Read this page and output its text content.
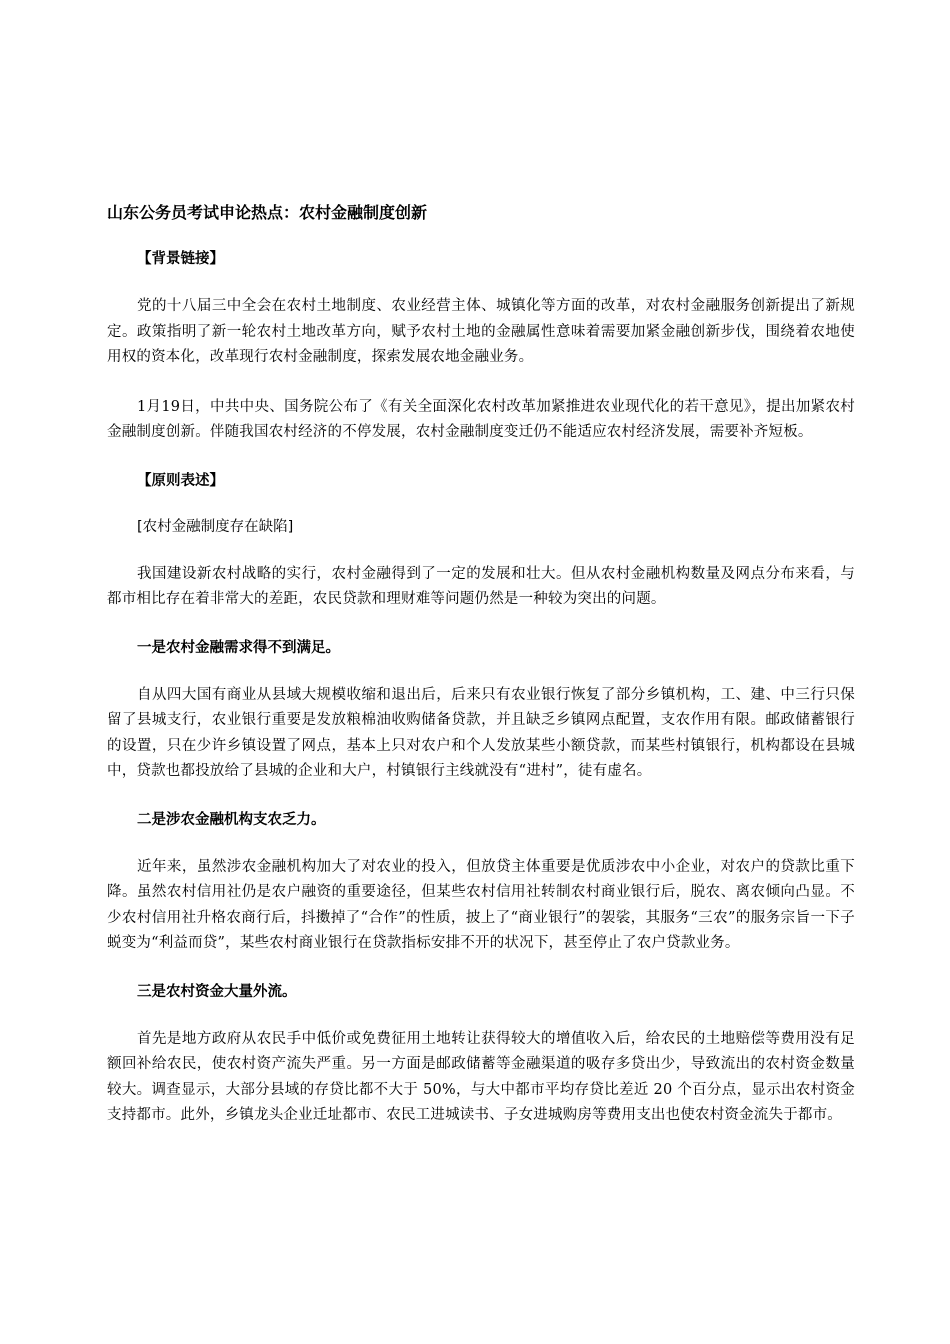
山东公务员考试申论热点：农村金融制度创新
【背景链接】

党的十八届三中全会在农村土地制度、农业经营主体、城镇化等方面的改革，对农村金融服务创新提出了新规定。政策指明了新一轮农村土地改革方向，赋予农村土地的金融属性意味着需要加紧金融创新步伐，围绕着农地使用权的资本化，改革现行农村金融制度，探索发展农地金融业务。

1月19日，中共中央、国务院公布了《有关全面深化农村改革加紧推进农业现代化的若干意见》，提出加紧农村金融制度创新。伴随我国农村经济的不停发展，农村金融制度变迁仍不能适应农村经济发展，需要补齐短板。

【原则表述】
[农村金融制度存在缺陷]

我国建设新农村战略的实行，农村金融得到了一定的发展和壮大。但从农村金融机构数量及网点分布来看，与都市相比存在着非常大的差距，农民贷款和理财难等问题仍然是一种较为突出的问题。

一是农村金融需求得不到满足。

自从四大国有商业从县域大规模收缩和退出后，后来只有农业银行恢复了部分乡镇机构，工、建、中三行只保留了县城支行，农业银行重要是发放粮棉油收购储备贷款，并且缺乏乡镇网点配置，支农作用有限。邮政储蓄银行的设置，只在少许乡镇设置了网点，基本上只对农户和个人发放某些小额贷款，而某些村镇银行，机构都设在县城中，贷款也都投放给了县城的企业和大户，村镇银行主线就没有“进村”，徒有虚名。

二是涉农金融机构支农乏力。

近年来，虽然涉农金融机构加大了对农业的投入，但放贷主体重要是优质涉农中小企业，对农户的贷款比重下降。虽然农村信用社仍是农户融资的重要途径，但某些农村信用社转制农村商业银行后，脱农、离农倾向凸显。不少农村信用社升格农商行后，抖擞掉了“合作”的性质，披上了“商业银行”的袈裟，其服务“三农”的服务宗旨一下子蜕变为“利益而贷”，某些农村商业银行在贷款指标安排不开的状况下，甚至停止了农户贷款业务。

三是农村资金大量外流。

首先是地方政府从农民手中低价或免费征用土地转让获得较大的增值收入后，给农民的土地赔偿等费用没有足额回补给农民，使农村资产流失严重。另一方面是邮政储蓄等金融渠道的吸存多贷出少，导致流出的农村资金数量较大。调查显示，大部分县域的存贷比都不大于 50%，与大中都市平均存贷比差近 20 个百分点，显示出农村资金支持都市。此外，乡镇龙头企业迁址都市、农民工进城读书、子女进城购房等费用支出也使农村资金流失于都市。
